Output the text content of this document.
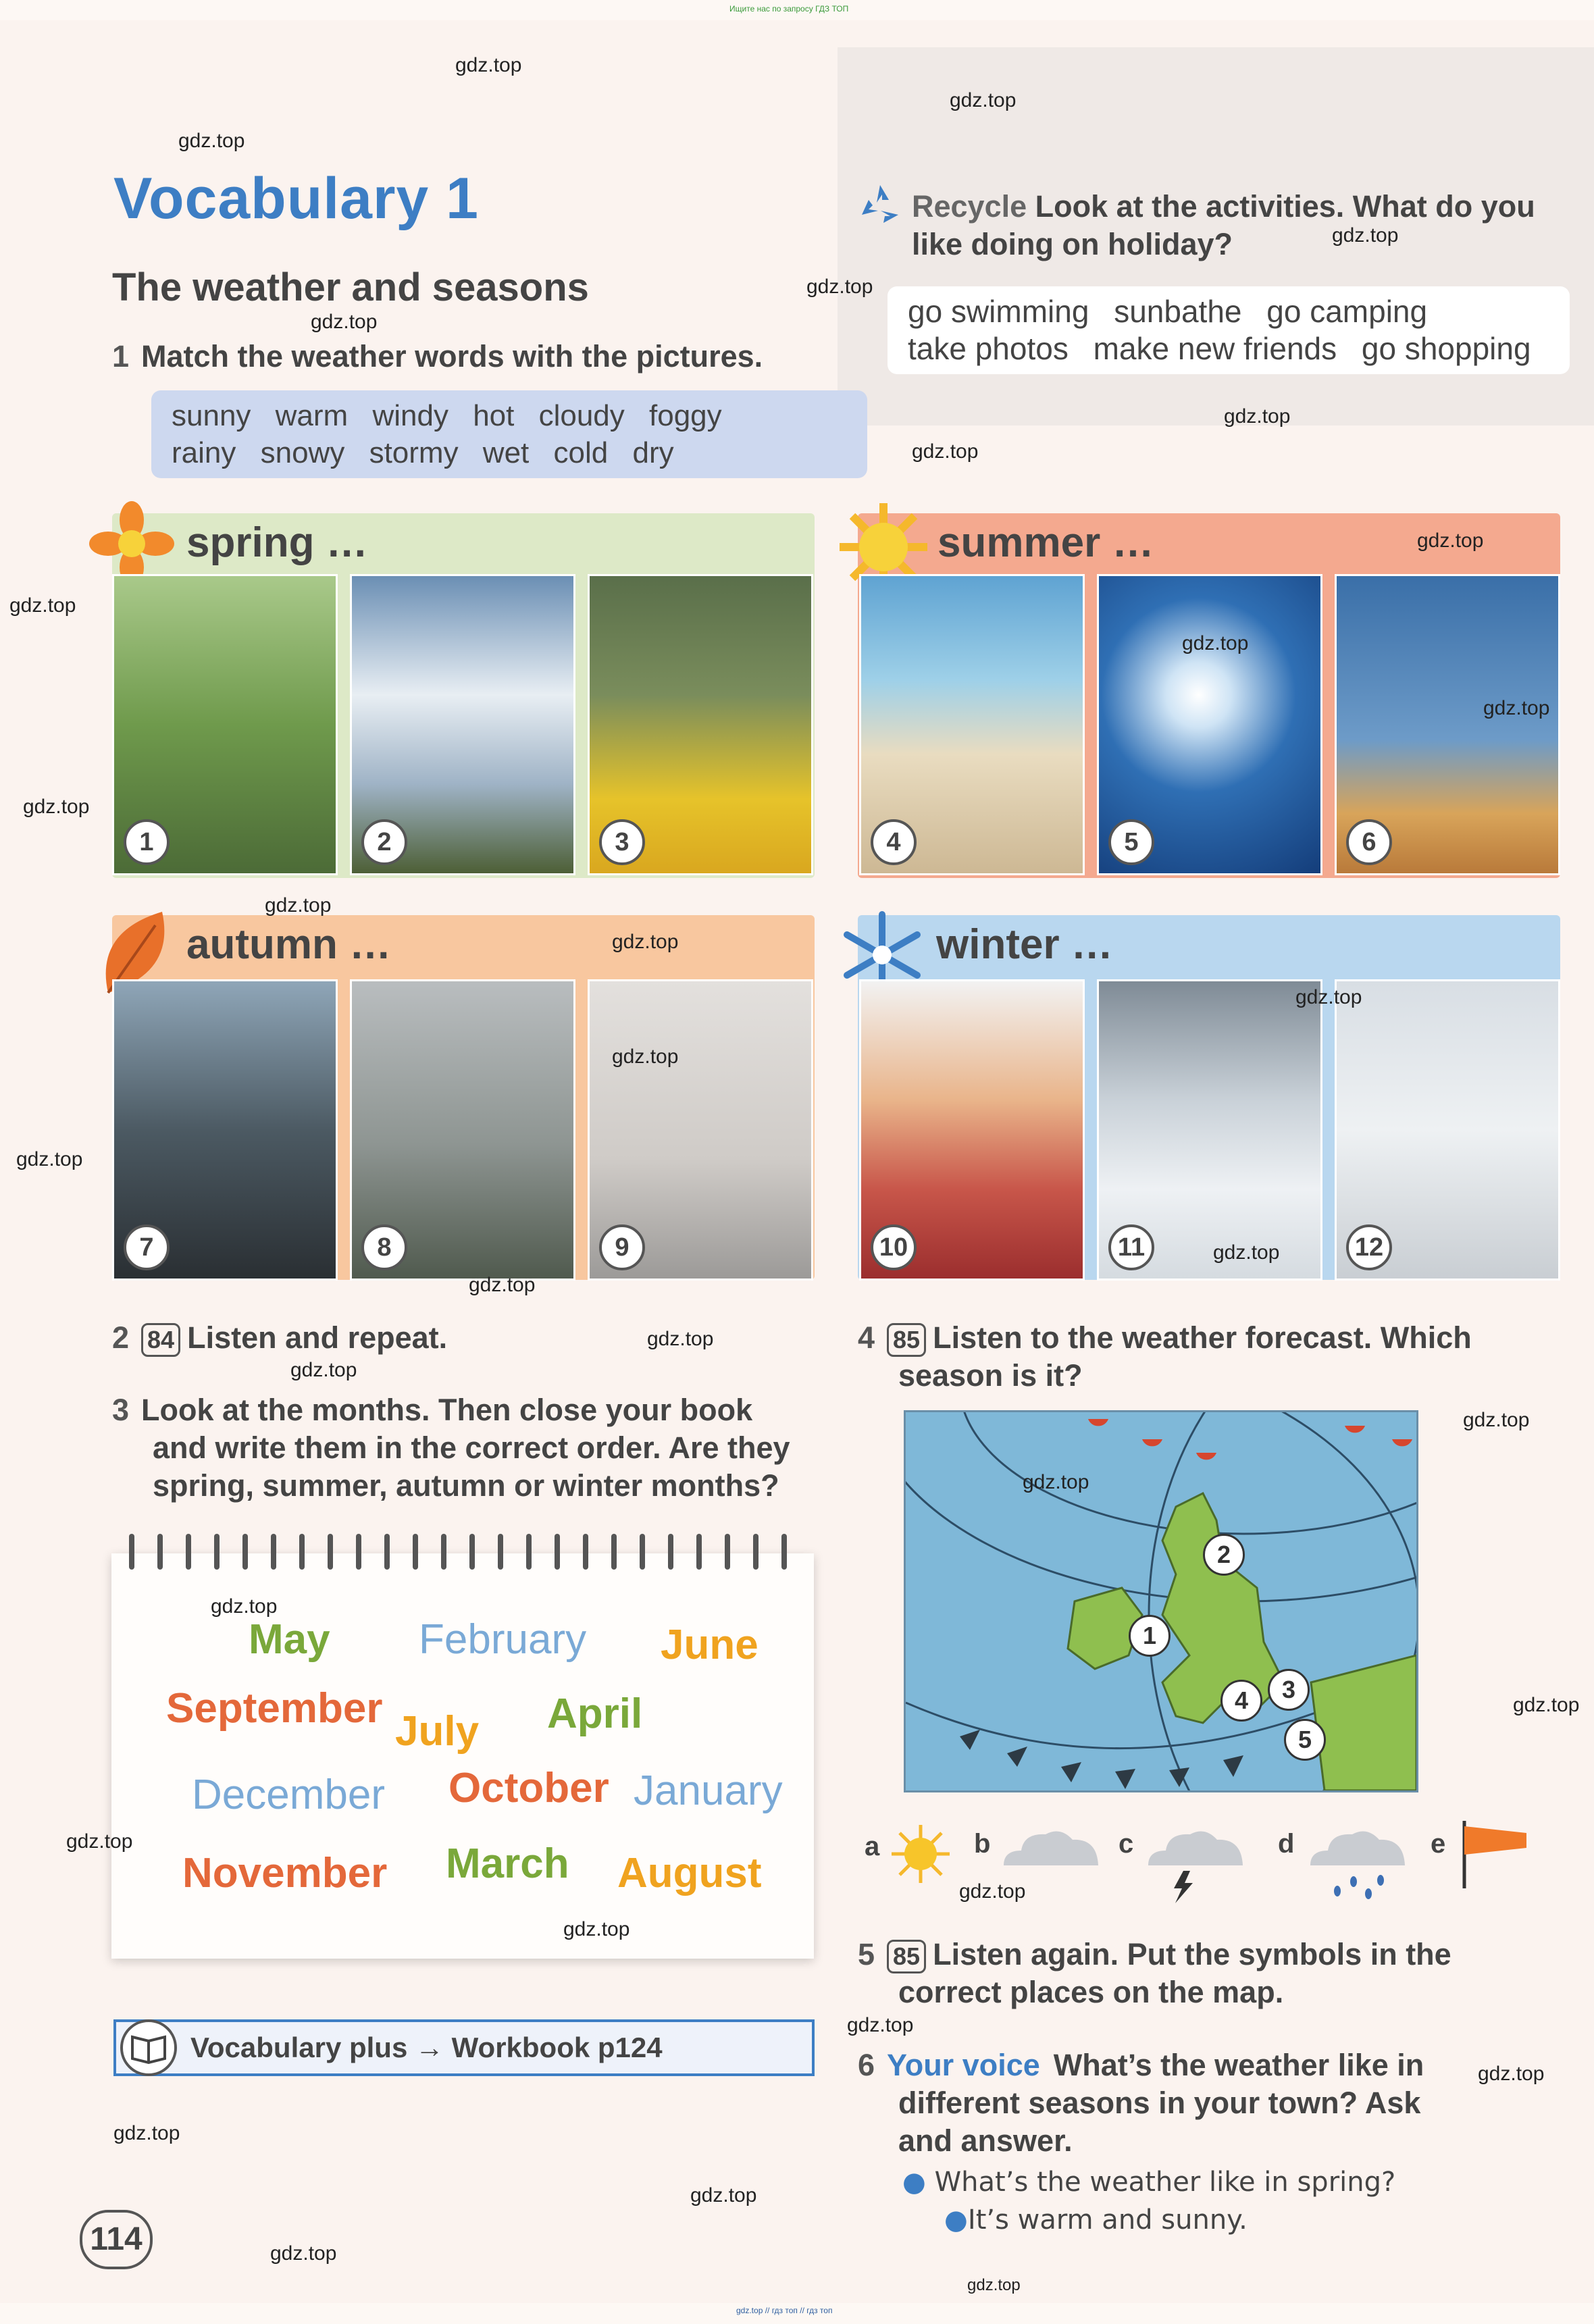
Ищите нас по запросу ГДЗ ТОП
Vocabulary 1
The weather and seasons
1 Match the weather words with the pictures.
sunny warm windy hot cloudy foggy
rainy snowy stormy wet cold dry
Recycle Look at the activities. What do you like doing on holiday?
go swimming sunbathe go camping
take photos make new friends go shopping
spring …
1	2	3
summer …
4	5	6
autumn …
7	8	9
winter …
10	11	12
2 84 Listen and repeat.
3 Look at the months. Then close your book
and write them in the correct order. Are they
spring, summer, autumn or winter months?
May February June
September July April
December October January
November March August
Vocabulary plus → Workbook p124
4 85 Listen to the weather forecast. Which
season is it?
1
2
3
4
5
a	b	c	d	e
5 85 Listen again. Put the symbols in the
correct places on the map.
6 Your voice What’s the weather like in
different seasons in your town? Ask
and answer.
● What’s the weather like in spring?
●It’s warm and sunny.
114
gdz.top
gdz.top
gdz.top
gdz.top
gdz.top
gdz.top
gdz.top
gdz.top
gdz.top
gdz.top
gdz.top
gdz.top
gdz.top
gdz.top
gdz.top
gdz.top
gdz.top
gdz.top
gdz.top
gdz.top
gdz.top
gdz.top
gdz.top
gdz.top
gdz.top
gdz.top
gdz.top
gdz.top
gdz.top
gdz.top
gdz.top
gdz.top
gdz.top
gdz.top
gdz.top
gdz.top // гдз топ // гдз топ
